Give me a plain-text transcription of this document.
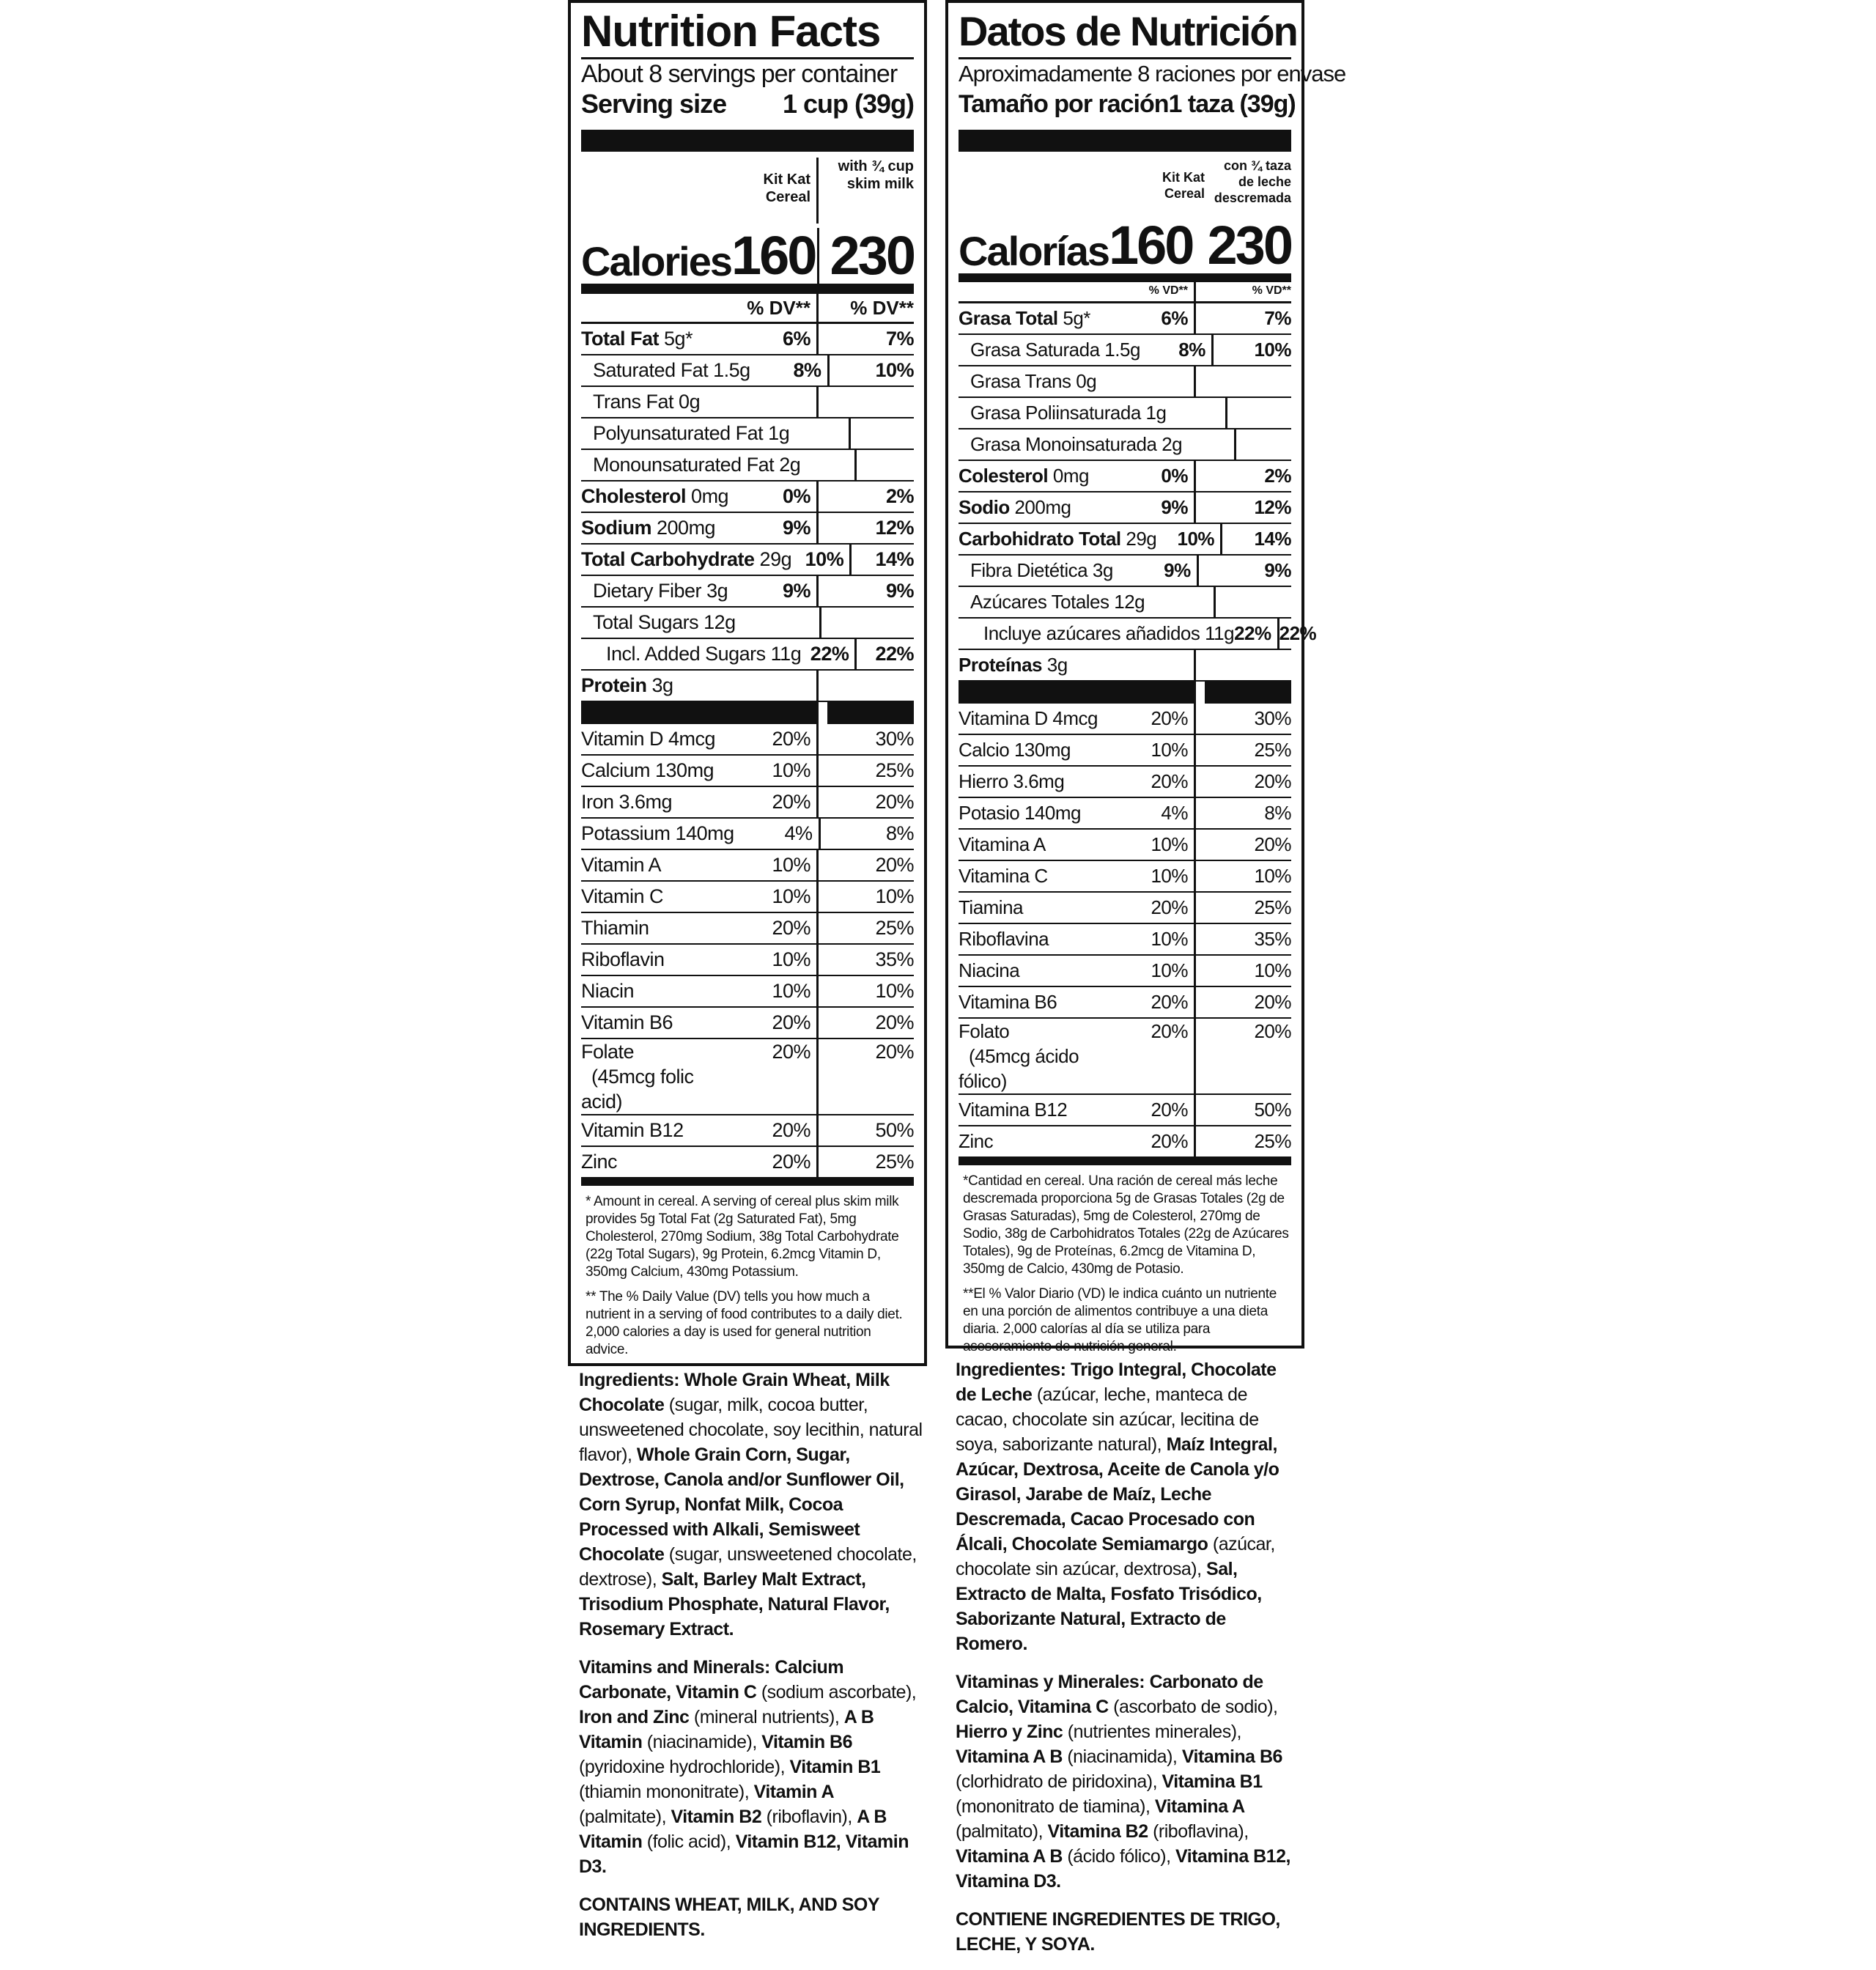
Nutrition Facts
About 8 servings per container
Serving size 1 cup (39g)
Kit Kat Cereal
with ¾ cup skim milk
Calories 160 230
% DV**	% DV**
Total Fat 5g*	6%	7%
Saturated Fat 1.5g	8%	10%
Trans Fat 0g
Polyunsaturated Fat 1g
Monounsaturated Fat 2g
Cholesterol 0mg	0%	2%
Sodium 200mg	9%	12%
Total Carbohydrate 29g 10%	14%
Dietary Fiber 3g	9%	9%
Total Sugars 12g
Incl. Added Sugars 11g 22%	22%
Protein 3g
Vitamin D 4mcg	20%	30%
Calcium 130mg	10%	25%
Iron 3.6mg	20%	20%
Potassium 140mg	4%	8%
Vitamin A	10%	20%
Vitamin C	10%	10%
Thiamin	20%	25%
Riboflavin	10%	35%
Niacin	10%	10%
Vitamin B6	20%	20%
Folate
(45mcg folic acid)
20%	20%
Vitamin B12	20%	50%
Zinc	20%	25%

* Amount in cereal. A serving of cereal plus skim milk provides 5g Total Fat (2g Saturated Fat), 5mg Cholesterol, 270mg Sodium, 38g Total Carbohydrate (22g Total Sugars), 9g Protein, 6.2mcg Vitamin D, 350mg Calcium, 430mg Potassium.

** The % Daily Value (DV) tells you how much a nutrient in a serving of food contributes to a daily diet. 2,000 calories a day is used for general nutrition advice.

Ingredients: Whole Grain Wheat, Milk Chocolate (sugar, milk, cocoa butter, unsweetened chocolate, soy lecithin, natural flavor), Whole Grain Corn, Sugar, Dextrose, Canola and/or Sunflower Oil, Corn Syrup, Nonfat Milk, Cocoa Processed with Alkali, Semisweet Chocolate (sugar, unsweetened chocolate, dextrose), Salt, Barley Malt Extract, Trisodium Phosphate, Natural Flavor, Rosemary Extract.

Vitamins and Minerals: Calcium Carbonate, Vitamin C (sodium ascorbate), Iron and Zinc (mineral nutrients), A B Vitamin (niacinamide), Vitamin B6 (pyridoxine hydrochloride), Vitamin B1 (thiamin mononitrate), Vitamin A (palmitate), Vitamin B2 (riboflavin), A B Vitamin (folic acid), Vitamin B12, Vitamin D3.

CONTAINS WHEAT, MILK, AND SOY INGREDIENTS.

Datos de Nutrición
Aproximadamente 8 raciones por envase
Tamaño por ración 1 taza (39g)
Kit Kat Cereal
con ¾ taza de leche descremada
Calorías 160 230
% VD**	% VD**
Grasa Total 5g*	6%	7%
Grasa Saturada 1.5g	8%	10%
Grasa Trans 0g
Grasa Poliinsaturada 1g
Grasa Monoinsaturada 2g
Colesterol 0mg	0%	2%
Sodio 200mg	9%	12%
Carbohidrato Total 29g	10%	14%
Fibra Dietética 3g	9%	9%
Azúcares Totales 12g
Incluye azúcares añadidos 11g 22% 22%
Proteínas 3g
Vitamina D 4mcg	20%	30%
Calcio 130mg	10%	25%
Hierro 3.6mg	20%	20%
Potasio 140mg	4%	8%
Vitamina A	10%	20%
Vitamina C	10%	10%
Tiamina	20%	25%
Riboflavina	10%	35%
Niacina	10%	10%
Vitamina B6	20%	20%
Folato
(45mcg ácido fólico)
20%	20%
Vitamina B12	20%	50%
Zinc	20%	25%

*Cantidad en cereal. Una ración de cereal más leche descremada proporciona 5g de Grasas Totales (2g de Grasas Saturadas), 5mg de Colesterol, 270mg de Sodio, 38g de Carbohidratos Totales (22g de Azúcares Totales), 9g de Proteínas, 6.2mcg de Vitamina D, 350mg de Calcio, 430mg de Potasio.

**El % Valor Diario (VD) le indica cuánto un nutriente en una porción de alimentos contribuye a una dieta diaria. 2,000 calorías al día se utiliza para asesoramiento de nutrición general.

Ingredientes: Trigo Integral, Chocolate de Leche (azúcar, leche, manteca de cacao, chocolate sin azúcar, lecitina de soya, saborizante natural), Maíz Integral, Azúcar, Dextrosa, Aceite de Canola y/o Girasol, Jarabe de Maíz, Leche Descremada, Cacao Procesado con Álcali, Chocolate Semiamargo (azúcar, chocolate sin azúcar, dextrosa), Sal, Extracto de Malta, Fosfato Trisódico, Saborizante Natural, Extracto de Romero.

Vitaminas y Minerales: Carbonato de Calcio, Vitamina C (ascorbato de sodio), Hierro y Zinc (nutrientes minerales), Vitamina A B (niacinamida), Vitamina B6 (clorhidrato de piridoxina), Vitamina B1 (mononitrato de tiamina), Vitamina A (palmitato), Vitamina B2 (riboflavina), Vitamina A B (ácido fólico), Vitamina B12, Vitamina D3.

CONTIENE INGREDIENTES DE TRIGO, LECHE, Y SOYA.
